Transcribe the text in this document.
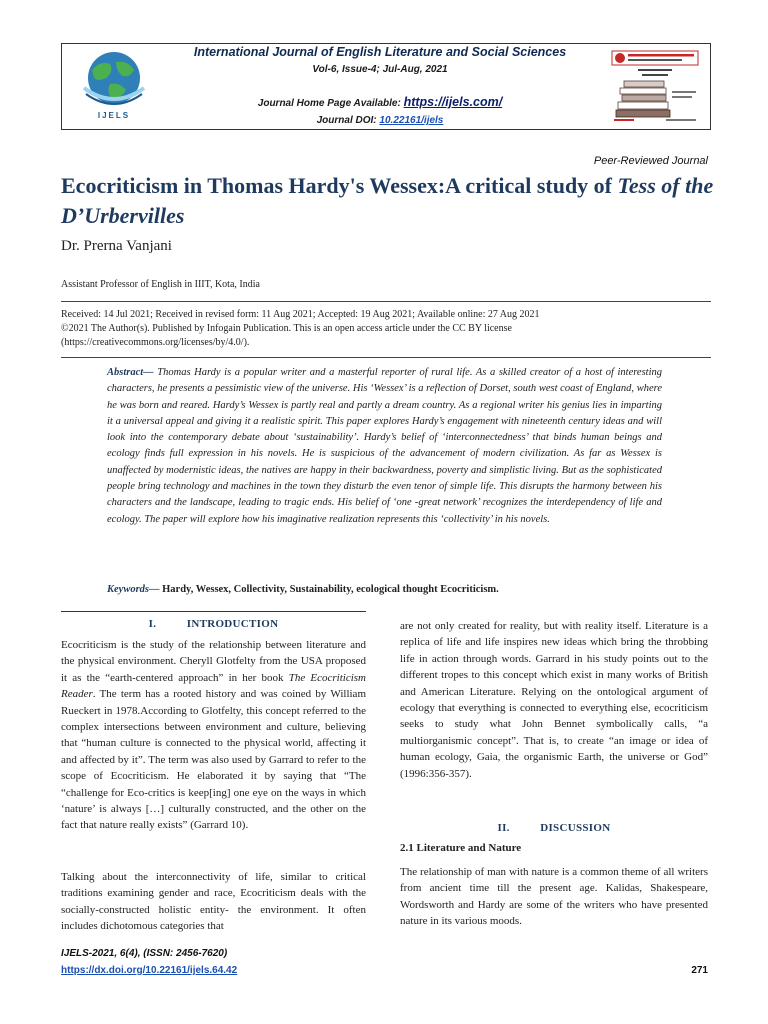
IJELS
International Journal of English Literature and Social Sciences
Vol-6, Issue-4; Jul-Aug, 2021
Journal Home Page Available: https://ijels.com/
Journal DOI: 10.22161/ijels
Peer-Reviewed Journal
Ecocriticism in Thomas Hardy's Wessex:A critical study of Tess of the D’Urbervilles
Dr. Prerna Vanjani
Assistant Professor of English in IIIT, Kota, India
Received: 14 Jul 2021; Received in revised form: 11 Aug 2021; Accepted: 19 Aug 2021; Available online: 27 Aug 2021
©2021 The Author(s). Published by Infogain Publication. This is an open access article under the CC BY license
(https://creativecommons.org/licenses/by/4.0/).

Abstract— Thomas Hardy is a popular writer and a masterful reporter of rural life. As a skilled creator of a host of interesting characters, he presents a pessimistic view of the universe. His ‘Wessex’ is a reflection of Dorset, south west coast of England, where he was born and reared. Hardy’s Wessex is partly real and partly a dream country. As a regional writer his genius lies in imparting it a universal appeal and giving it a realistic spirit. This paper explores Hardy’s engagement with nineteenth century ideas and will look into the contemporary debate about ‘sustainability’. Hardy’s belief of ‘interconnectedness’ that binds human beings and ecology finds full expression in his novels. He is suspicious of the advancement of modern civilization. As far as Wessex is unaffected by modernistic ideas, the natives are happy in their backwardness, poverty and simplistic living. But as the sophisticated people bring technology and machines in the town they disturb the even tenor of simple life. This disrupts the harmony between his characters and the landscape, leading to tragic ends. His belief of ‘one -great network’ recognizes the interdependency of life and ecology. The paper will explore how his imaginative realization represents this ‘collectivity’ in his novels.

Keywords— Hardy, Wessex, Collectivity, Sustainability, ecological thought Ecocriticism.
I.	INTRODUCTION

Ecocriticism is the study of the relationship between literature and the physical environment. Cheryll Glotfelty from the USA proposed it as the “earth-centered approach” in her book The Ecocriticism Reader. The term has a rooted history and was coined by William Rueckert in 1978.According to Glotfelty, this concept referred to the complex intersections between environment and culture, believing that “human culture is connected to the physical world, affecting it and affected by it”. The term was also used by Garrard to refer to the scope of Ecocriticism. He elaborated it by saying that “The “challenge for Eco-critics is keep[ing] one eye on the ways in which ‘nature’ is always […] culturally constructed, and the other on the fact that nature really exists” (Garrard 10).

Talking about the interconnectivity of life, similar to critical traditions examining gender and race, Ecocriticism deals with the socially-constructed holistic entity- the environment. It often includes dichotomous categories that

are not only created for reality, but with reality itself. Literature is a replica of life and life inspires new ideas which bring the throbbing life in action through words. Garrard in his study points out to the different tropes to this concept which exist in many works of British and American Literature. Relying on the ontological argument of ecology that everything is connected to everything else, ecocriticism seeks to study what John Bennet symbolically calls, “a multiorganismic concept”. That is, to create “an image or idea of human ecology, Gaia, the organismic Earth, the universe or God” (1996:356-357).

II.	DISCUSSION
2.1 Literature and Nature

The relationship of man with nature is a common theme of all writers from ancient time till the present age. Kalidas, Shakespeare, Wordsworth and Hardy are some of the writers who have presented nature in its various moods.

IJELS-2021, 6(4), (ISSN: 2456-7620)
https://dx.doi.org/10.22161/ijels.64.42	271
